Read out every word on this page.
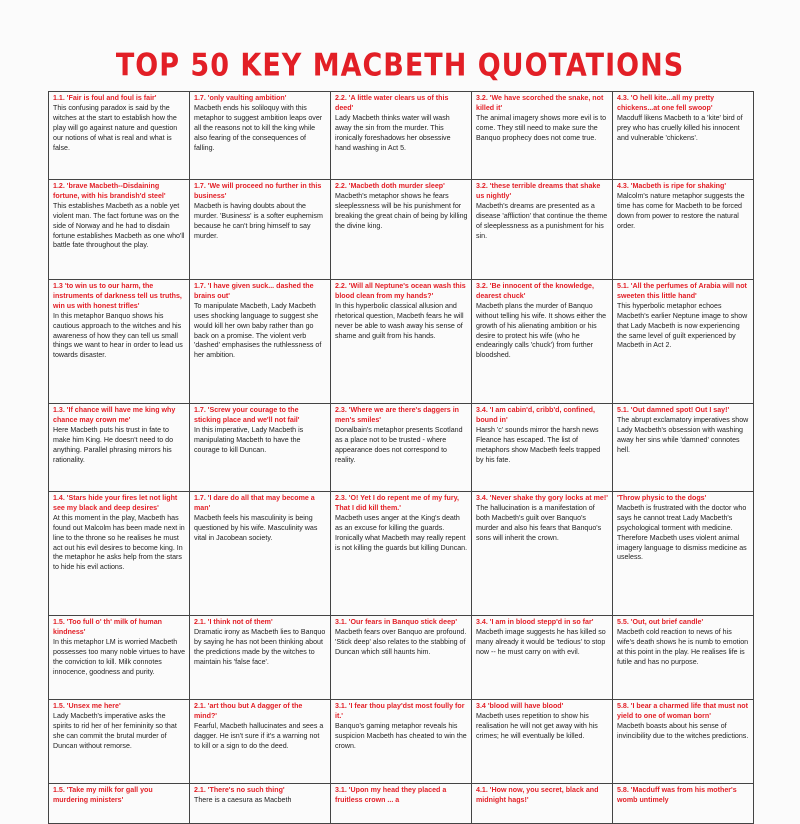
TOP 50 KEY MACBETH QUOTATIONS
1.1. 'Fair is foul and foul is fair'
This confusing paradox is said by the witches at the start to establish how the play will go against nature and question our notions of what is real and what is false.
1.7. 'only vaulting ambition'
Macbeth ends his soliloquy with this metaphor to suggest ambition leaps over all the reasons not to kill the king while also fearing of the consequences of falling.
2.2. 'A little water clears us of this deed'
Lady Macbeth thinks water will wash away the sin from the murder. This ironically foreshadows her obsessive hand washing in Act 5.
3.2. 'We have scorched the snake, not killed it'
The animal imagery shows more evil is to come. They still need to make sure the Banquo prophecy does not come true.
4.3. 'O hell kite...all my pretty chickens...at one fell swoop'
Macduff likens Macbeth to a 'kite' bird of prey who has cruelly killed his innocent and vulnerable 'chickens'.
1.2. 'brave Macbeth--Disdaining fortune, with his brandish'd steel'
This establishes Macbeth as a noble yet violent man. The fact fortune was on the side of Norway and he had to disdain fortune establishes Macbeth as one who'll battle fate throughout the play.
1.7. 'We will proceed no further in this business'
Macbeth is having doubts about the murder. 'Business' is a softer euphemism because he can't bring himself to say murder.
2.2. 'Macbeth doth murder sleep'
Macbeth's metaphor shows he fears sleeplessness will be his punishment for breaking the great chain of being by killing the divine king.
3.2. 'these terrible dreams that shake us nightly'
Macbeth's dreams are presented as a disease 'affliction' that continue the theme of sleeplessness as a punishment for his sin.
4.3. 'Macbeth is ripe for shaking'
Malcolm's nature metaphor suggests the time has come for Macbeth to be forced down from power to restore the natural order.
1.3 'to win us to our harm, the instruments of darkness tell us truths, win us with honest trifles'
In this metaphor Banquo shows his cautious approach to the witches and his awareness of how they can tell us small things we want to hear in order to lead us towards disaster.
1.7. 'I have given suck... dashed the brains out'
To manipulate Macbeth, Lady Macbeth uses shocking language to suggest she would kill her own baby rather than go back on a promise. The violent verb 'dashed' emphasises the ruthlessness of her ambition.
2.2. 'Will all Neptune's ocean wash this blood clean from my hands?'
In this hyperbolic classical allusion and rhetorical question, Macbeth fears he will never be able to wash away his sense of shame and guilt from his hands.
3.2. 'Be innocent of the knowledge, dearest chuck'
Macbeth plans the murder of Banquo without telling his wife. It shows either the growth of his alienating ambition or his desire to protect his wife (who he endearingly calls 'chuck') from further bloodshed.
5.1. 'All the perfumes of Arabia will not sweeten this little hand'
This hyperbolic metaphor echoes Macbeth's earlier Neptune image to show that Lady Macbeth is now experiencing the same level of guilt experienced by Macbeth in Act 2.
1.3. 'If chance will have me king why chance may crown me'
Here Macbeth puts his trust in fate to make him King. He doesn't need to do anything. Parallel phrasing mirrors his rationality.
1.7. 'Screw your courage to the sticking place and we'll not fail'
In this imperative, Lady Macbeth is manipulating Macbeth to have the courage to kill Duncan.
2.3. 'Where we are there's daggers in men's smiles'
Donalbain's metaphor presents Scotland as a place not to be trusted - where appearance does not correspond to reality.
3.4. 'I am cabin'd, cribb'd, confined, bound in'
Harsh 'c' sounds mirror the harsh news Fleance has escaped. The list of metaphors show Macbeth feels trapped by his fate.
5.1. 'Out damned spot! Out I say!'
The abrupt exclamatory imperatives show Lady Macbeth's obsession with washing away her sins while 'damned' connotes hell.
1.4. 'Stars hide your fires let not light see my black and deep desires'
At this moment in the play, Macbeth has found out Malcolm has been made next in line to the throne so he realises he must act out his evil desires to become king. In the metaphor he asks help from the stars to hide his evil actions.
1.7. 'I dare do all that may become a man'
Macbeth feels his masculinity is being questioned by his wife. Masculinity was vital in Jacobean society.
2.3. 'O! Yet I do repent me of my fury, That I did kill them.'
Macbeth uses anger at the King's death as an excuse for killing the guards. Ironically what Macbeth may really repent is not killing the guards but killing Duncan.
3.4. 'Never shake thy gory locks at me!'
The hallucination is a manifestation of both Macbeth's guilt over Banquo's murder and also his fears that Banquo's sons will inherit the crown.
'Throw physic to the dogs'
Macbeth is frustrated with the doctor who says he cannot treat Lady Macbeth's psychological torment with medicine. Therefore Macbeth uses violent animal imagery language to dismiss medicine as useless.
1.5. 'Too full o' th' milk of human kindness'
In this metaphor LM is worried Macbeth possesses too many noble virtues to have the conviction to kill. Milk connotes innocence, goodness and purity.
2.1. 'I think not of them'
Dramatic irony as Macbeth lies to Banquo by saying he has not been thinking about the predictions made by the witches to maintain his 'false face'.
3.1. 'Our fears in Banquo stick deep'
Macbeth fears over Banquo are profound. 'Stick deep' also relates to the stabbing of Duncan which still haunts him.
3.4. 'I am in blood stepp'd in so far'
Macbeth image suggests he has killed so many already it would be 'tedious' to stop now -- he must carry on with evil.
5.5. 'Out, out brief candle'
Macbeth cold reaction to news of his wife's death shows he is numb to emotion at this point in the play. He realises life is futile and has no purpose.
1.5. 'Unsex me here'
Lady Macbeth's imperative asks the spirits to rid her of her femininity so that she can commit the brutal murder of Duncan without remorse.
2.1. 'art thou but A dagger of the mind?'
Fearful, Macbeth hallucinates and sees a dagger. He isn't sure if it's a warning not to kill or a sign to do the deed.
3.1. 'I fear thou play'dst most foully for it.'
Banquo's gaming metaphor reveals his suspicion Macbeth has cheated to win the crown.
3.4 'blood will have blood'
Macbeth uses repetition to show his realisation he will not get away with his crimes; he will eventually be killed.
5.8. 'I bear a charmed life that must not yield to one of woman born'
Macbeth boasts about his sense of invincibility due to the witches predictions.
1.5. 'Take my milk for gall you murdering ministers'
2.1. 'There's no such thing'
There is a caesura as Macbeth
3.1. 'Upon my head they placed a fruitless crown ... a
4.1. 'How now, you secret, black and midnight hags!'
5.8. 'Macduff was from his mother's womb untimely
